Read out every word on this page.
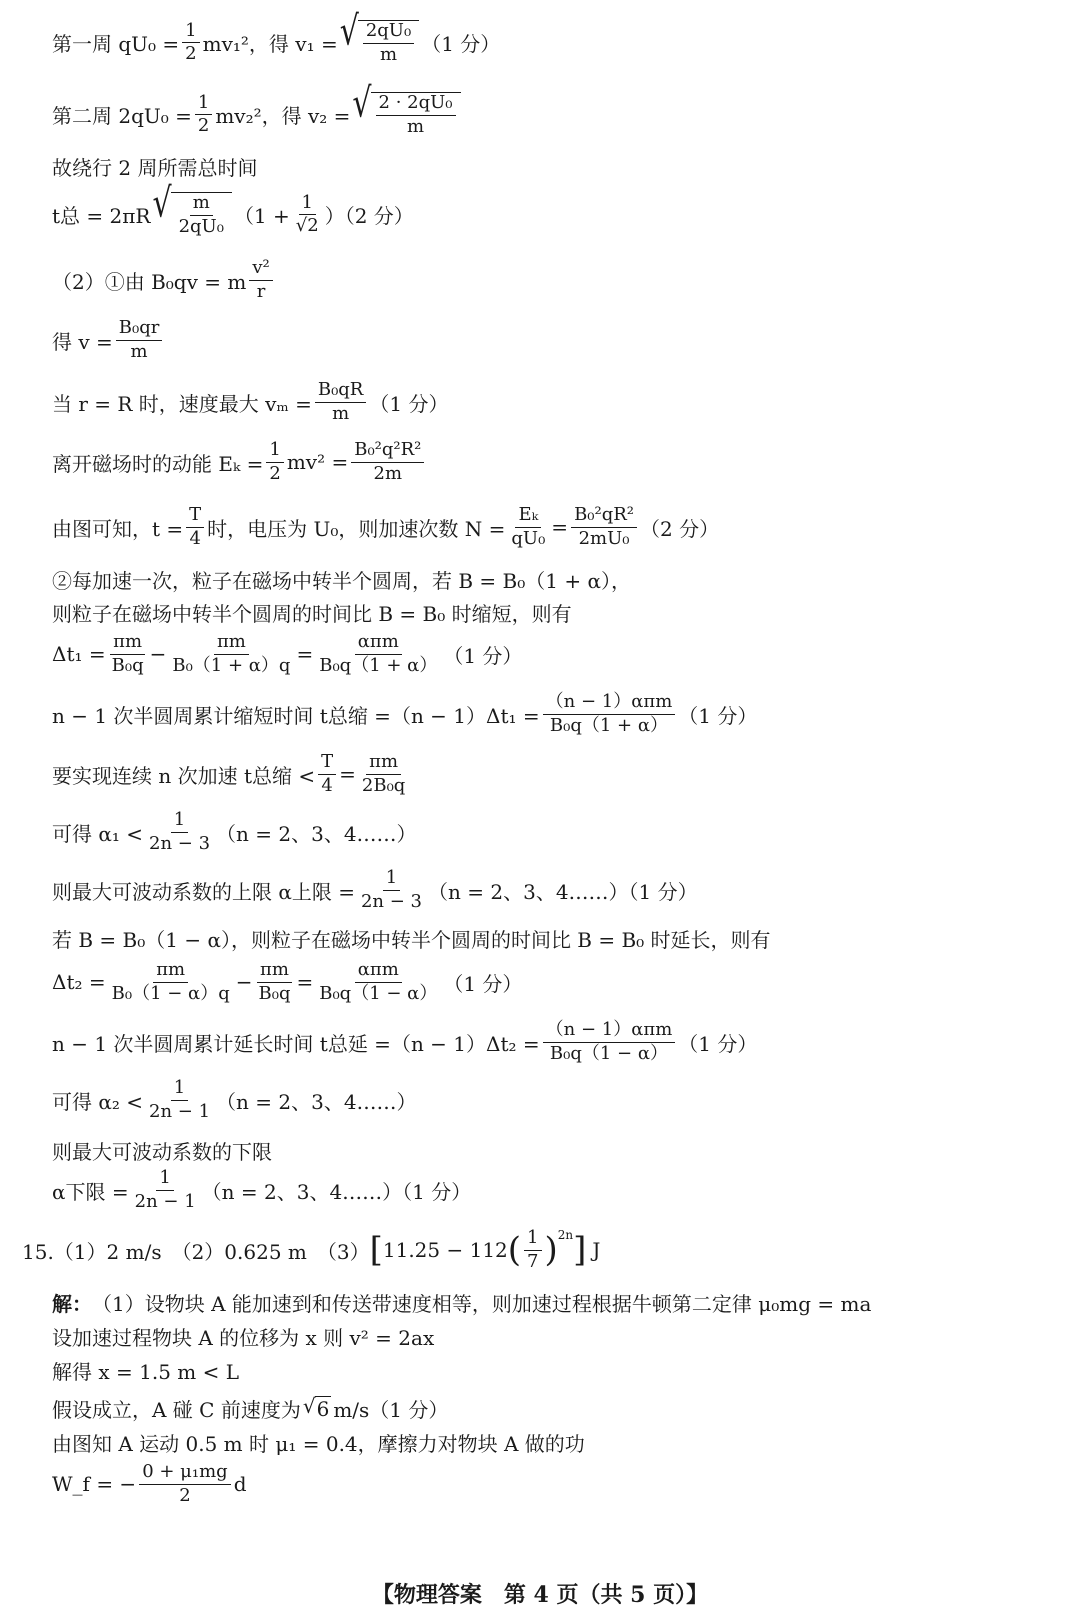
第一周 $qU_0 = \frac{1}{2} mv_1^2$，得 v₁ = √ $\frac{\text{2qU₀}}{m} (1$ 分）
第二周 $2qU_0 = \frac{1}{2} mv_2^2$，得 v₂ = √ $\frac{\text{2 · 2qU₀}}{m}$
故绕行 2 周所需总时间
t总 = 2πR √ $\frac{m}{\text{2qU₀}} (1 + \frac{1}{√2} )(2$ 分）
（2）①由 B₀qv = m $\frac{\text{v²}}{r}$
得 $v = \frac{\text{B₀qr}}{m}$
当 r = R 时，速度最大 $v_m = \frac{\text{B₀qR}}{m} (1$ 分）
离开磁场时的动能 $E_k = \frac{1}{2} mv^2 = \frac{\text{B₀²q²R²}}{2m}$
由图可知，$t = \frac{T}{4}$ 时，电压为 U₀，则加速次数 $N = \frac{\text{Eₖ}}{\text{qU₀}} = \frac{\text{B₀²qR²}}{\text{2mU₀}} (2$ 分）
②每加速一次，粒子在磁场中转半个圆周，若 B = B₀（1 + α），
则粒子在磁场中转半个圆周的时间比 B = B₀ 时缩短，则有
$\Delta t_1 = \frac{\pi m}{\text{B₀q}} - \frac{\pi m}{\text{B₀（1 + α）q}} = \frac{\text{απm}}{\text{B₀q（1 + α）}} (1$ 分）
n − 1 次半圆周累计缩短时间 t总缩 $=(n - 1)\Delta t_1 = \frac{\text{（n − 1）απm}}{\text{B₀q（1 + α）}} (1$ 分）
要实现连续 n 次加速 t总缩 < $\frac{T}{4} = \frac{\pi m}{\text{2B₀q}}$
可得 $\alpha_1 < \frac{1}{2n - 3} (n = 2$、3、4……）
则最大可波动系数的上限 α上限 = $\frac{1}{2n - 3} (n = 2$、3、4……）（1 分）
若 B = B₀（1 − α），则粒子在磁场中转半个圆周的时间比 B = B₀ 时延长，则有
$\Delta t_2 = \frac{\pi m}{\text{B₀（1 − α）q}} - \frac{\pi m}{\text{B₀q}} = \frac{\text{απm}}{\text{B₀q（1 − α）}} (1$ 分）
n − 1 次半圆周累计延长时间 t总延 $=(n - 1)\Delta t_2 = \frac{\text{（n − 1）απm}}{\text{B₀q（1 − α）}} (1$ 分）
可得 $\alpha_2 < \frac{1}{2n - 1} (n = 2$、3、4……）
则最大可波动系数的下限
α下限 = $\frac{1}{2n - 1} (n = 2$、3、4……）（1 分）
15.（1）2 m/s　（2）0.625 m　（3） [ 11.25 − 112 ( $\frac{1}{7} )^{2n}$ ] J
解： （1）设物块 A 能加速到和传送带速度相等，则加速过程根据牛顿第二定律 μ₀mg = ma
设加速过程物块 A 的位移为 x 则 v² = 2ax
解得 x = 1.5 m < L
假设成立，A 碰 C 前速度为 √ 6 m/s（1 分）
由图知 A 运动 0.5 m 时 μ₁ = 0.4，摩擦力对物块 A 做的功
W_f = − $\frac{\text{0 + μ₁mg}}{2}$ d
【物理答案　第 4 页（共 5 页）】
